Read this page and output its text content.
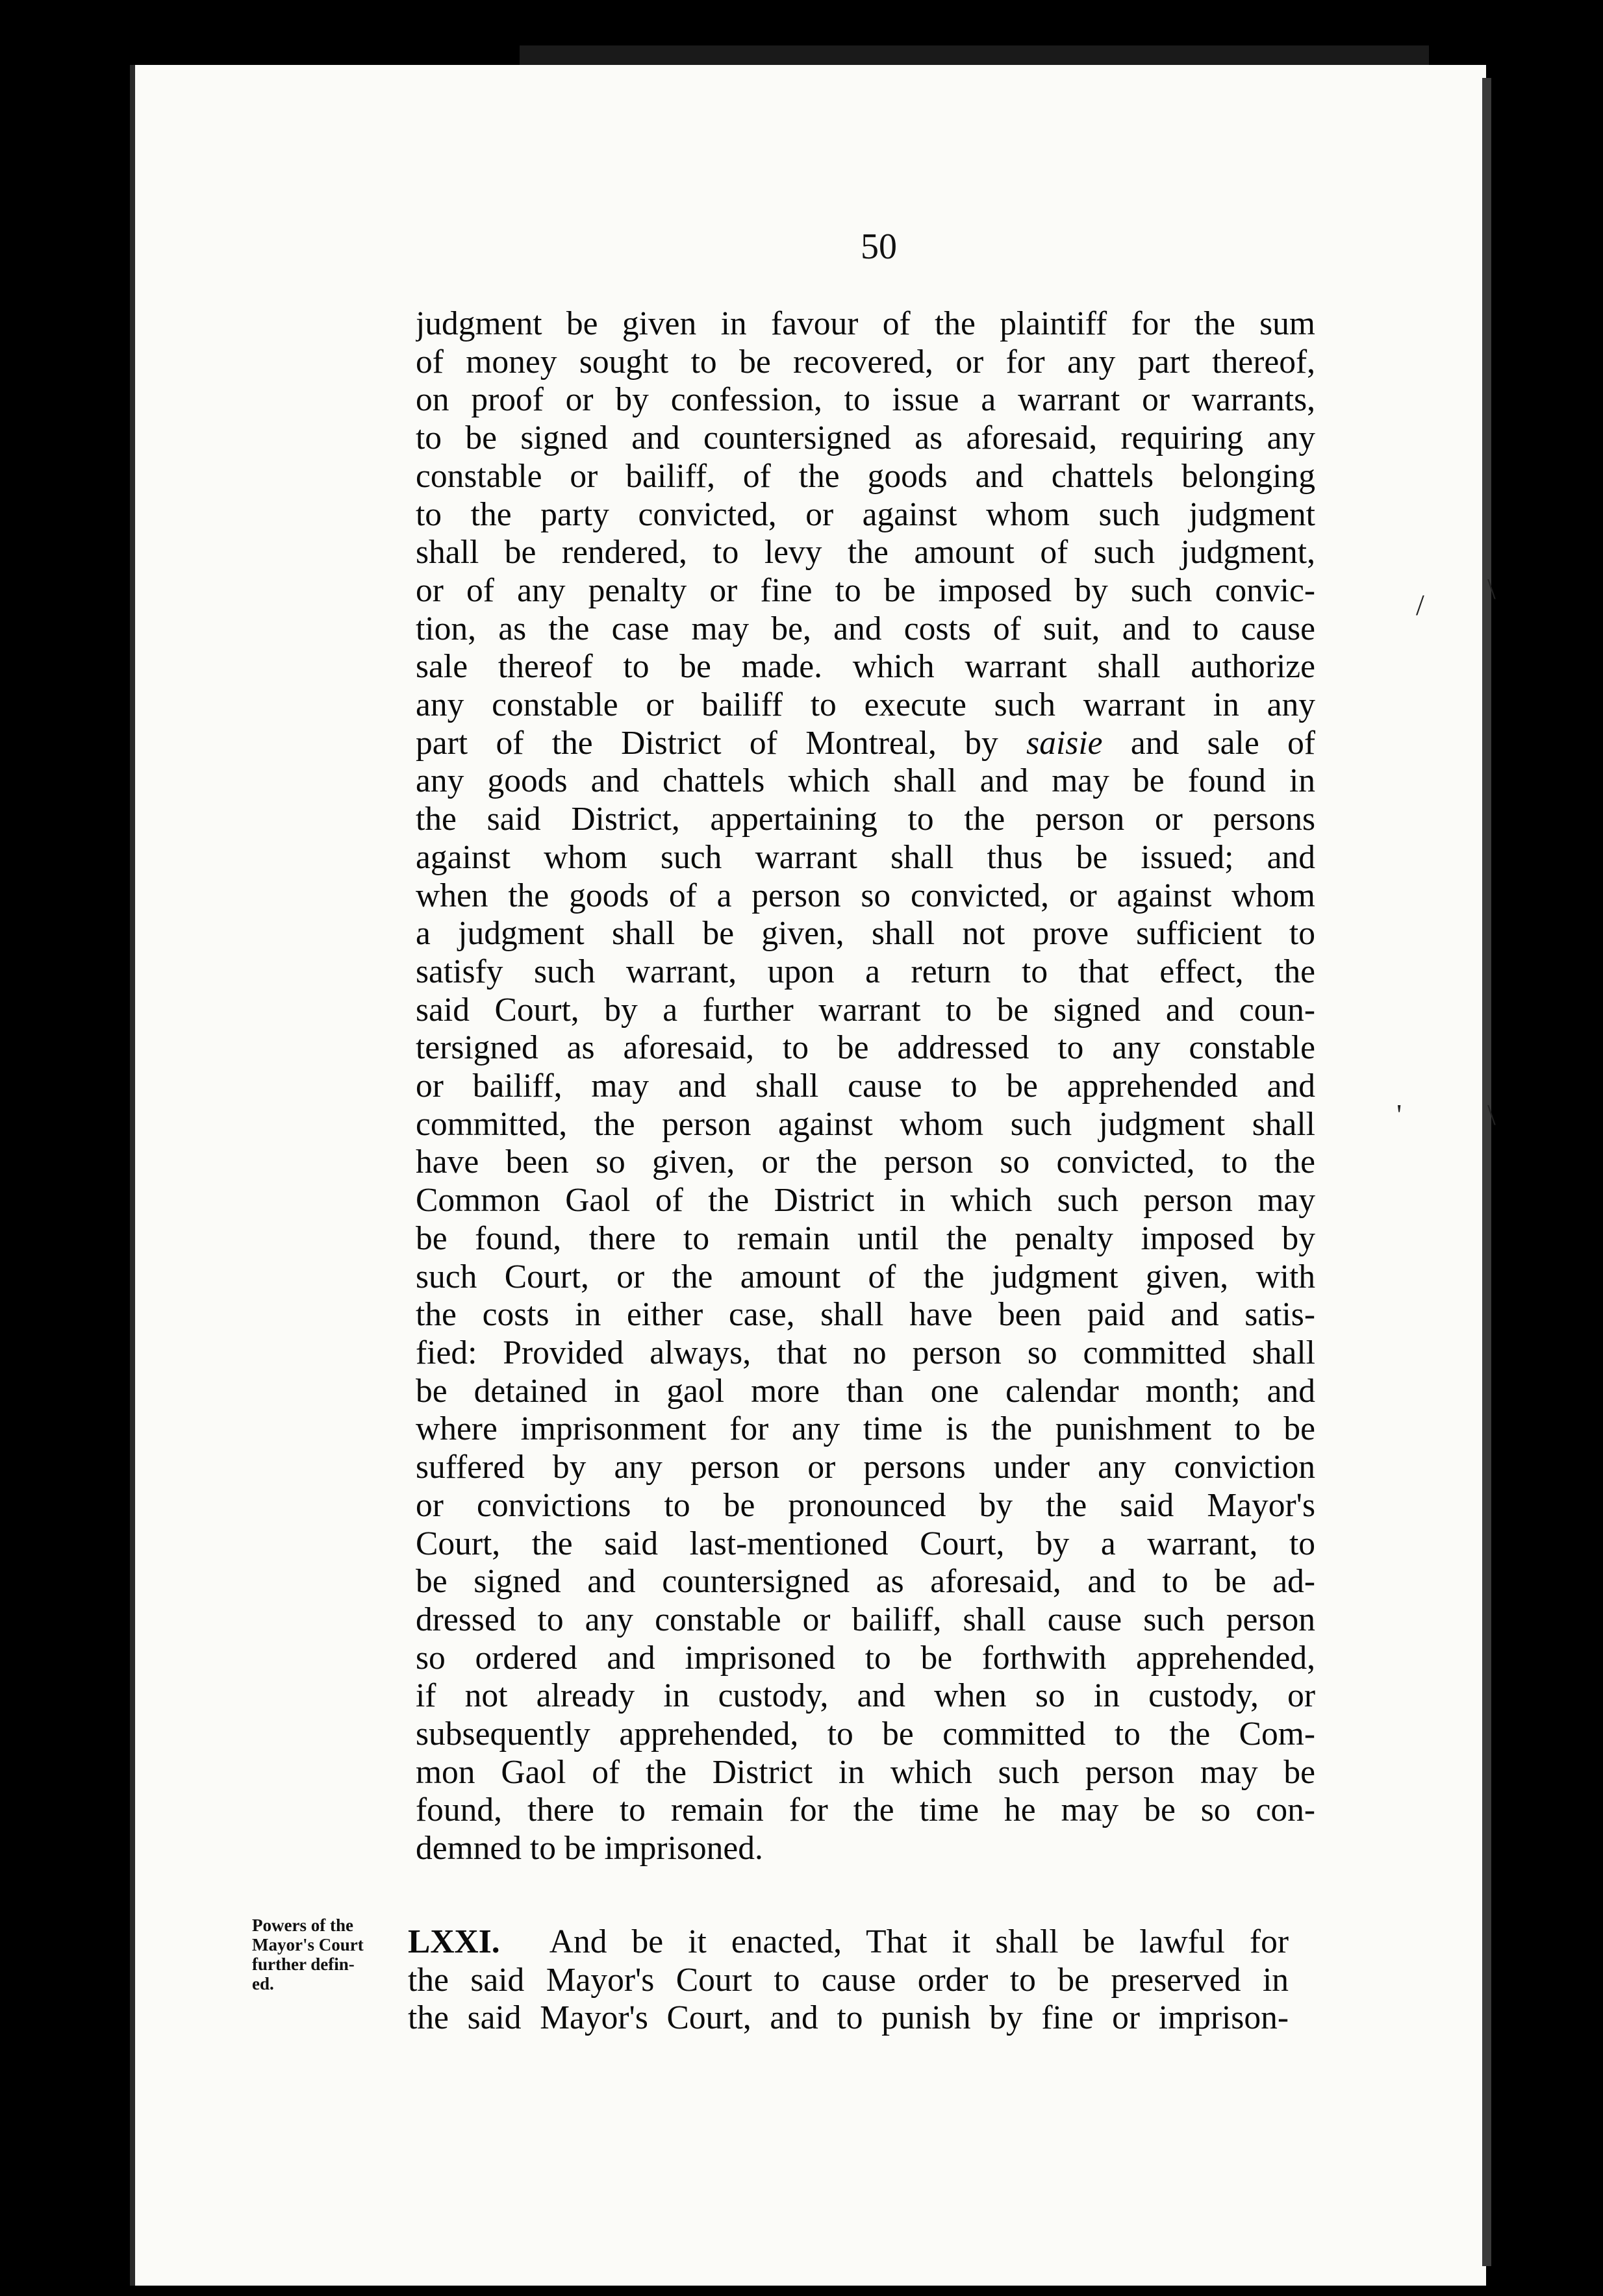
50

judgment be given in favour of the plaintiff for the sum
of money sought to be recovered, or for any part thereof,
on proof or by confession, to issue a warrant or warrants,
to be signed and countersigned as aforesaid, requiring any
constable or bailiff, of the goods and chattels belonging
to the party convicted, or against whom such judgment
shall be rendered, to levy the amount of such judgment,
or of any penalty or fine to be imposed by such convic-
tion, as the case may be, and costs of suit, and to cause
sale thereof to be made. which warrant shall authorize
any constable or bailiff to execute such warrant in any
part of the District of Montreal, by saisie and sale of
any goods and chattels which shall and may be found in
the said District, appertaining to the person or persons
against whom such warrant shall thus be issued; and
when the goods of a person so convicted, or against whom
a judgment shall be given, shall not prove sufficient to
satisfy such warrant, upon a return to that effect, the
said Court, by a further warrant to be signed and coun-
tersigned as aforesaid, to be addressed to any constable
or bailiff, may and shall cause to be apprehended and
committed, the person against whom such judgment shall
have been so given, or the person so convicted, to the
Common Gaol of the District in which such person may
be found, there to remain until the penalty imposed by
such Court, or the amount of the judgment given, with
the costs in either case, shall have been paid and satis-
fied: Provided always, that no person so committed shall
be detained in gaol more than one calendar month; and
where imprisonment for any time is the punishment to be
suffered by any person or persons under any conviction
or convictions to be pronounced by the said Mayor's
Court, the said last-mentioned Court, by a warrant, to
be signed and countersigned as aforesaid, and to be ad-
dressed to any constable or bailiff, shall cause such person
so ordered and imprisoned to be forthwith apprehended,
if not already in custody, and when so in custody, or
subsequently apprehended, to be committed to the Com-
mon Gaol of the District in which such person may be
found, there to remain for the time he may be so con-
demned to be imprisoned.
Powers of the
Mayor's Court
further defin-
ed.
LXXI. And be it enacted, That it shall be lawful for
the said Mayor's Court to cause order to be preserved in
the said Mayor's Court, and to punish by fine or imprison-
/ \
'	\
